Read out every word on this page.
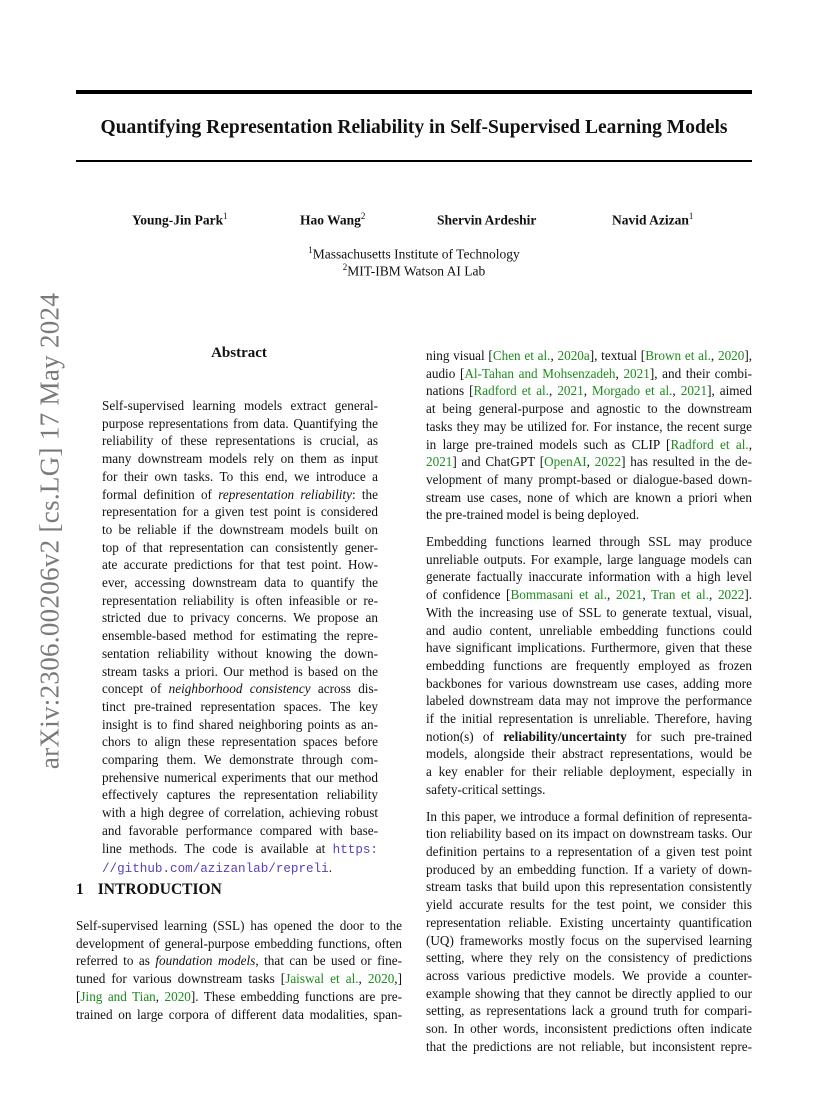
Quantifying Representation Reliability in Self-Supervised Learning Models
Young-Jin Park$^1$	Hao Wang$^2$	Shervin Ardeshir	Navid Azizan$^1$
$^1$Massachusetts Institute of Technology
$^2$MIT-IBM Watson AI Lab
arXiv:2306.00206v2 [cs.LG] 17 May 2024	Abstract
Self-supervised learning models extract general-
purpose representations from data. Quantifying the
reliability of these representations is crucial, as
many downstream models rely on them as input
for their own tasks. To this end, we introduce a
formal definition of representation reliability: the
representation for a given test point is considered
to be reliable if the downstream models built on
top of that representation can consistently gener-
ate accurate predictions for that test point. How-
ever, accessing downstream data to quantify the
representation reliability is often infeasible or re-
stricted due to privacy concerns. We propose an
ensemble-based method for estimating the repre-
sentation reliability without knowing the down-
stream tasks a priori. Our method is based on the
concept of neighborhood consistency across dis-
tinct pre-trained representation spaces. The key
insight is to find shared neighboring points as an-
chors to align these representation spaces before
comparing them. We demonstrate through com-
prehensive numerical experiments that our method
effectively captures the representation reliability
with a high degree of correlation, achieving robust
and favorable performance compared with base-
line methods. The code is available at https:
//github.com/azizanlab/repreli.
1 INTRODUCTION
Self-supervised learning (SSL) has opened the door to the
development of general-purpose embedding functions, often
referred to as foundation models, that can be used or fine-
tuned for various downstream tasks [Jaiswal et al., 2020,]
[Jing and Tian, 2020]. These embedding functions are pre-
trained on large corpora of different data modalities, span-
ning visual [Chen et al., 2020a], textual [Brown et al., 2020],
audio [Al-Tahan and Mohsenzadeh, 2021], and their combi-
nations [Radford et al., 2021, Morgado et al., 2021], aimed
at being general-purpose and agnostic to the downstream
tasks they may be utilized for. For instance, the recent surge
in large pre-trained models such as CLIP [Radford et al.,
2021] and ChatGPT [OpenAI, 2022] has resulted in the de-
velopment of many prompt-based or dialogue-based down-
stream use cases, none of which are known a priori when
the pre-trained model is being deployed.
Embedding functions learned through SSL may produce
unreliable outputs. For example, large language models can
generate factually inaccurate information with a high level
of confidence [Bommasani et al., 2021, Tran et al., 2022].
With the increasing use of SSL to generate textual, visual,
and audio content, unreliable embedding functions could
have significant implications. Furthermore, given that these
embedding functions are frequently employed as frozen
backbones for various downstream use cases, adding more
labeled downstream data may not improve the performance
if the initial representation is unreliable. Therefore, having
notion(s) of reliability/uncertainty for such pre-trained
models, alongside their abstract representations, would be
a key enabler for their reliable deployment, especially in
safety-critical settings.
In this paper, we introduce a formal definition of representa-
tion reliability based on its impact on downstream tasks. Our
definition pertains to a representation of a given test point
produced by an embedding function. If a variety of down-
stream tasks that build upon this representation consistently
yield accurate results for the test point, we consider this
representation reliable. Existing uncertainty quantification
(UQ) frameworks mostly focus on the supervised learning
setting, where they rely on the consistency of predictions
across various predictive models. We provide a counter-
example showing that they cannot be directly applied to our
setting, as representations lack a ground truth for compari-
son. In other words, inconsistent predictions often indicate
that the predictions are not reliable, but inconsistent repre-
